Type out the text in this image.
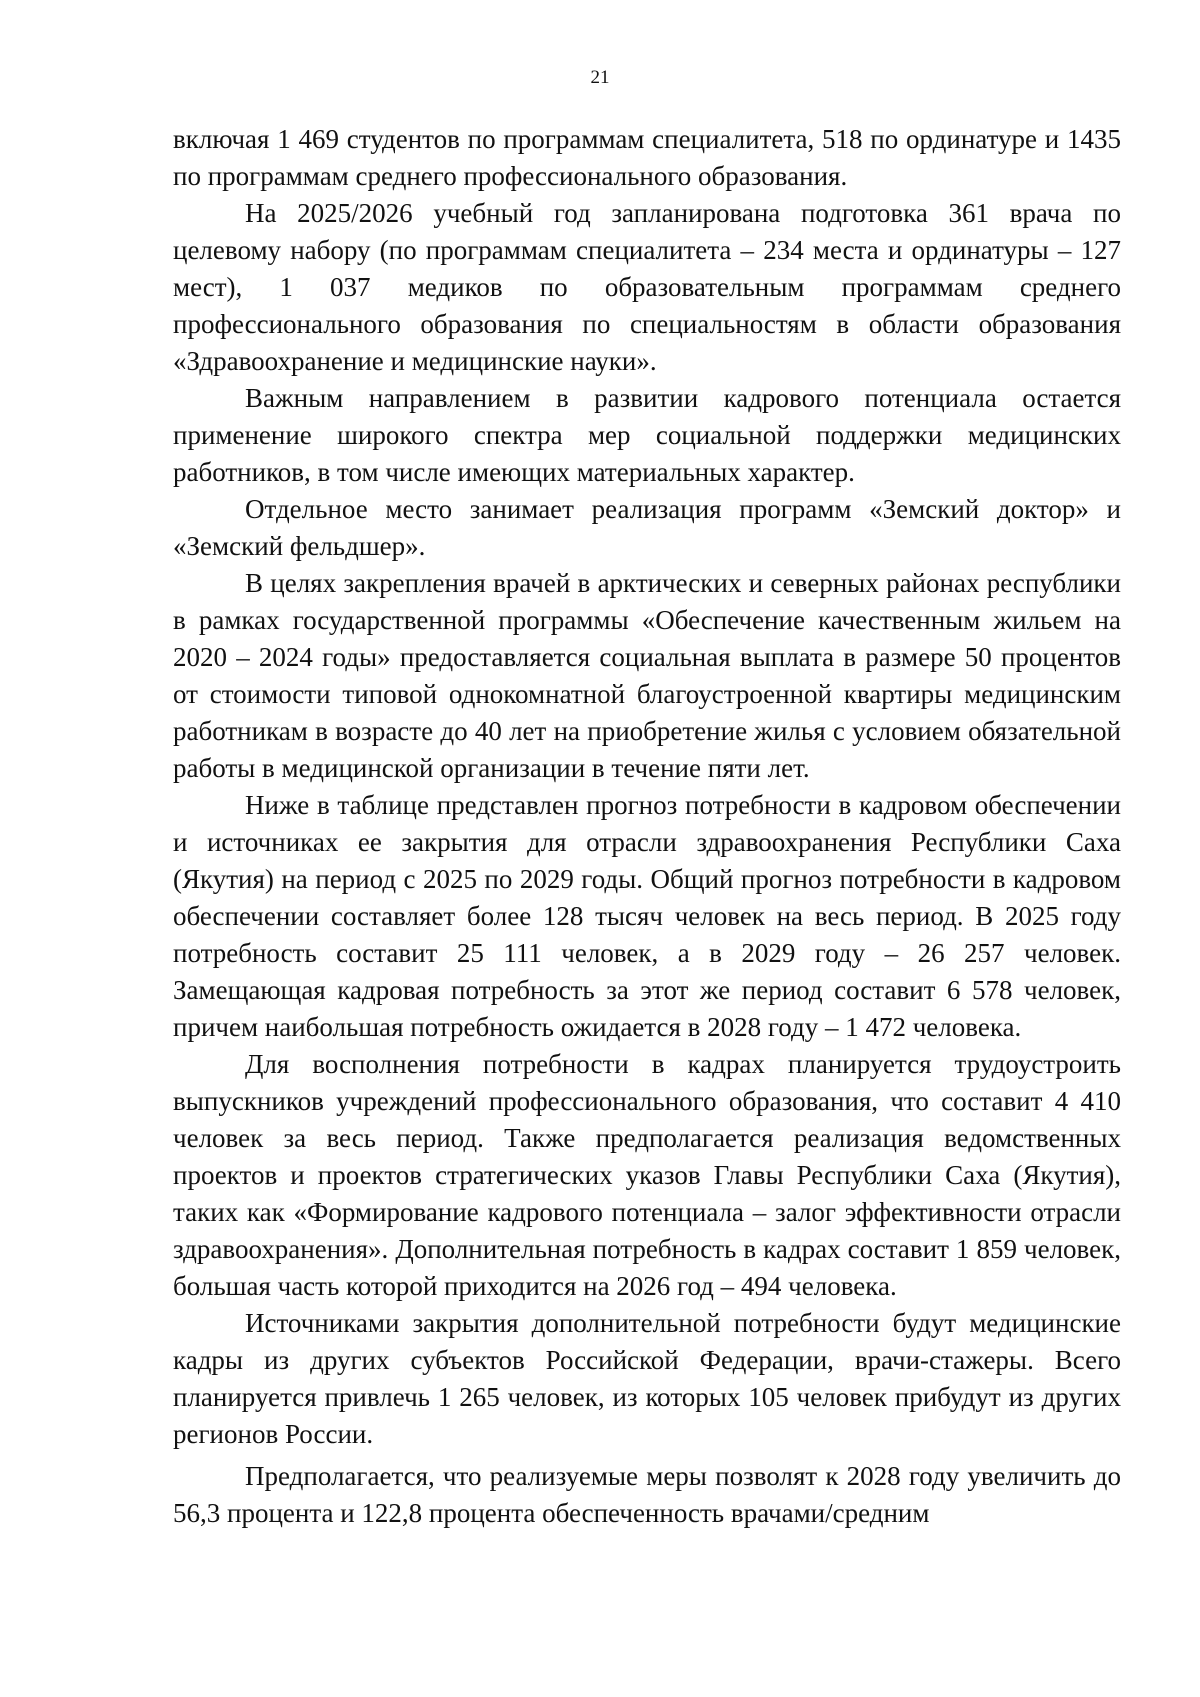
21

включая 1 469 студентов по программам специалитета, 518 по ординатуре и 1435 по программам среднего профессионального образования.

На 2025/2026 учебный год запланирована подготовка 361 врача по целевому набору (по программам специалитета – 234 места и ординатуры – 127 мест), 1 037 медиков по образовательным программам среднего профессионального образования по специальностям в области образования «Здравоохранение и медицинские науки».

Важным направлением в развитии кадрового потенциала остается применение широкого спектра мер социальной поддержки медицинских работников, в том числе имеющих материальных характер.

Отдельное место занимает реализация программ «Земский доктор» и «Земский фельдшер».

В целях закрепления врачей в арктических и северных районах республики в рамках государственной программы «Обеспечение качественным жильем на 2020 – 2024 годы» предоставляется социальная выплата в размере 50 процентов от стоимости типовой однокомнатной благоустроенной квартиры медицинским работникам в возрасте до 40 лет на приобретение жилья с условием обязательной работы в медицинской организации в течение пяти лет.

Ниже в таблице представлен прогноз потребности в кадровом обеспечении и источниках ее закрытия для отрасли здравоохранения Республики Саха (Якутия) на период с 2025 по 2029 годы. Общий прогноз потребности в кадровом обеспечении составляет более 128 тысяч человек на весь период. В 2025 году потребность составит 25 111 человек, а в 2029 году – 26 257 человек. Замещающая кадровая потребность за этот же период составит 6 578 человек, причем наибольшая потребность ожидается в 2028 году – 1 472 человека.

Для восполнения потребности в кадрах планируется трудоустроить выпускников учреждений профессионального образования, что составит 4 410 человек за весь период. Также предполагается реализация ведомственных проектов и проектов стратегических указов Главы Республики Саха (Якутия), таких как «Формирование кадрового потенциала – залог эффективности отрасли здравоохранения». Дополнительная потребность в кадрах составит 1 859 человек, большая часть которой приходится на 2026 год – 494 человека.

Источниками закрытия дополнительной потребности будут медицинские кадры из других субъектов Российской Федерации, врачи-стажеры. Всего планируется привлечь 1 265 человек, из которых 105 человек прибудут из других регионов России.

Предполагается, что реализуемые меры позволят к 2028 году увеличить до 56,3 процента и 122,8 процента обеспеченность врачами/средним
